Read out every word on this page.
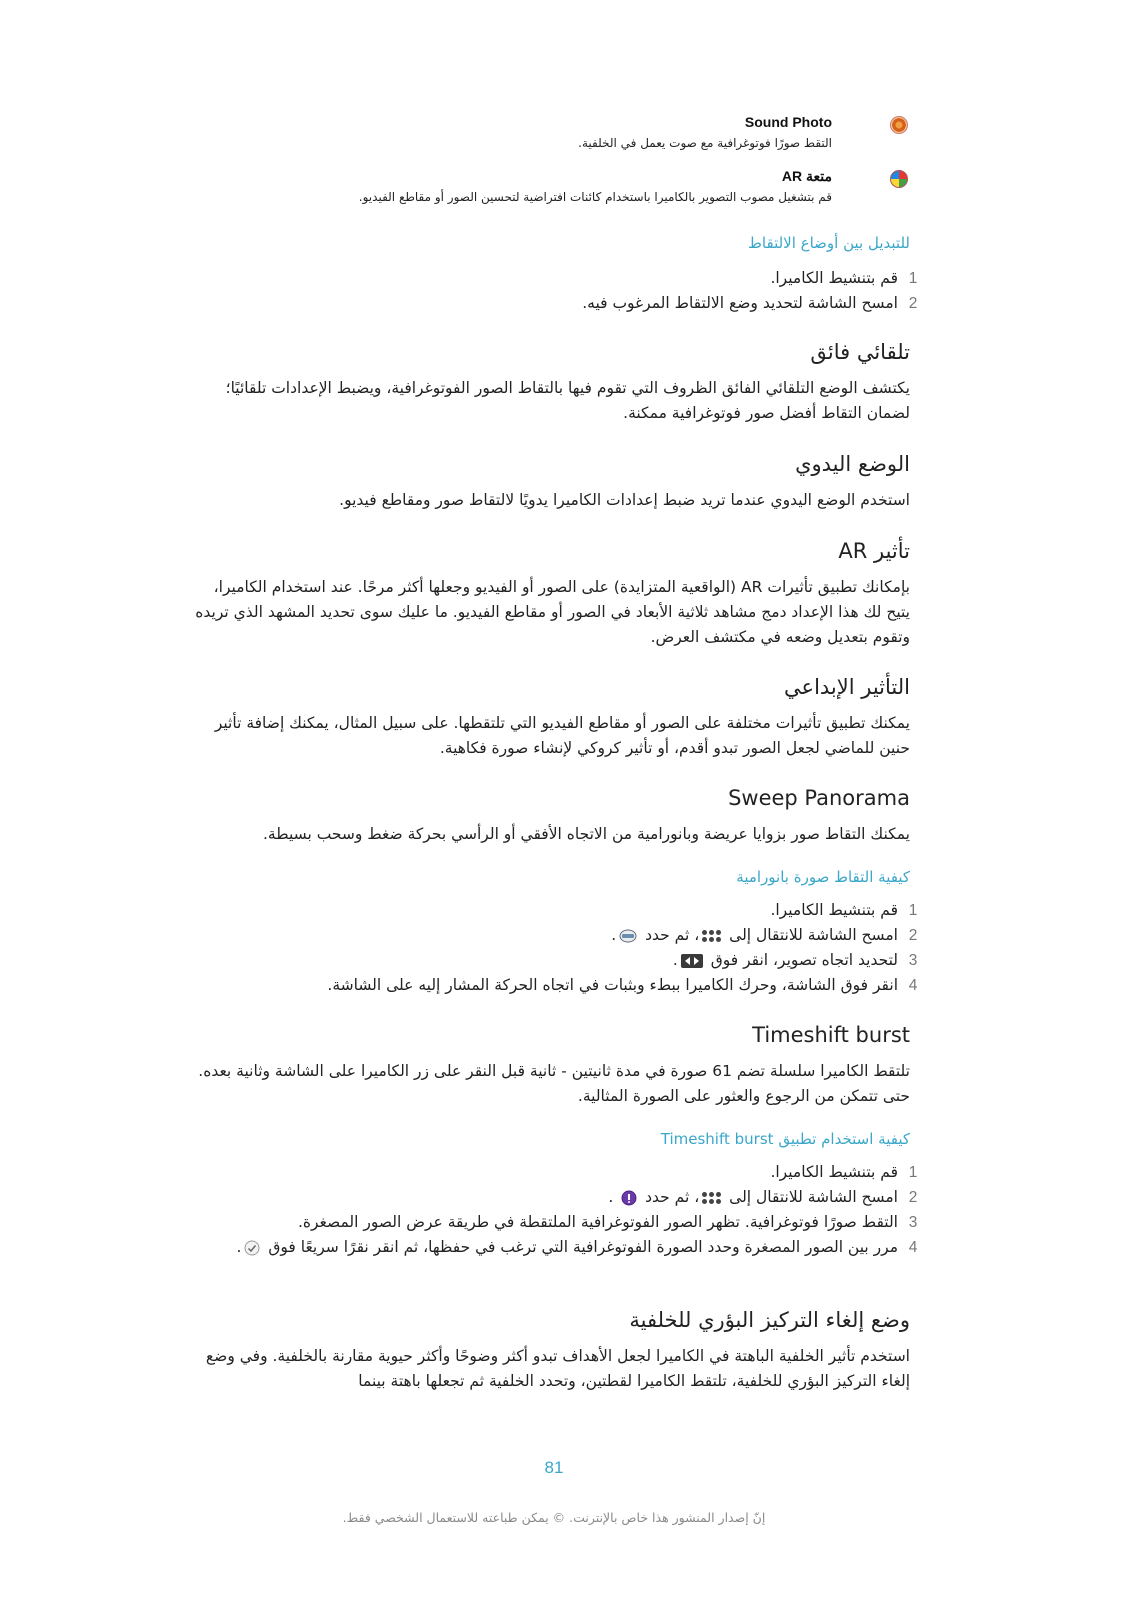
Sound Photo
التقط صورًا فوتوغرافية مع صوت يعمل في الخلفية.
متعة AR
قم بتشغيل مصوب التصوير بالكاميرا باستخدام كائنات افتراضية لتحسين الصور أو مقاطع الفيديو.
للتبديل بين أوضاع الالتقاط
1
قم بتنشيط الكاميرا.
2
امسح الشاشة لتحديد وضع الالتقاط المرغوب فيه.
تلقائي فائق
يكتشف الوضع التلقائي الفائق الظروف التي تقوم فيها بالتقاط الصور الفوتوغرافية، ويضبط الإعدادات تلقائيًا؛ لضمان التقاط أفضل صور فوتوغرافية ممكنة.
الوضع اليدوي
استخدم الوضع اليدوي عندما تريد ضبط إعدادات الكاميرا يدويًا لالتقاط صور ومقاطع فيديو.
تأثير AR
بإمكانك تطبيق تأثيرات AR (الواقعية المتزايدة) على الصور أو الفيديو وجعلها أكثر مرحًا. عند استخدام الكاميرا، يتيح لك هذا الإعداد دمج مشاهد ثلاثية الأبعاد في الصور أو مقاطع الفيديو. ما عليك سوى تحديد المشهد الذي تريده وتقوم بتعديل وضعه في مكتشف العرض.
التأثير الإبداعي
يمكنك تطبيق تأثيرات مختلفة على الصور أو مقاطع الفيديو التي تلتقطها. على سبيل المثال، يمكنك إضافة تأثير حنين للماضي لجعل الصور تبدو أقدم، أو تأثير كروكي لإنشاء صورة فكاهية.
Sweep Panorama
يمكنك التقاط صور بزوايا عريضة وبانورامية من الاتجاه الأفقي أو الرأسي بحركة ضغط وسحب بسيطة.
كيفية التقاط صورة بانورامية
1
قم بتنشيط الكاميرا.
2
امسح الشاشة للانتقال إلى
، ثم حدد .
3
لتحديد اتجاه تصوير، انقر فوق .
4
انقر فوق الشاشة، وحرك الكاميرا ببطء وبثبات في اتجاه الحركة المشار إليه على الشاشة.
Timeshift burst
تلتقط الكاميرا سلسلة تضم 61 صورة في مدة ثانيتين - ثانية قبل النقر على زر الكاميرا على الشاشة وثانية بعده. حتى تتمكن من الرجوع والعثور على الصورة المثالية.
كيفية استخدام تطبيق Timeshift burst
1
قم بتنشيط الكاميرا.
2
امسح الشاشة للانتقال إلى
، ثم حدد  .
3
التقط صورًا فوتوغرافية. تظهر الصور الفوتوغرافية الملتقطة في طريقة عرض الصور المصغرة.
4
مرر بين الصور المصغرة وحدد الصورة الفوتوغرافية التي ترغب في حفظها، ثم انقر نقرًا سريعًا فوق .
وضع إلغاء التركيز البؤري للخلفية
استخدم تأثير الخلفية الباهتة في الكاميرا لجعل الأهداف تبدو أكثر وضوحًا وأكثر حيوية مقارنة بالخلفية. وفي وضع إلغاء التركيز البؤري للخلفية، تلتقط الكاميرا لقطتين، وتحدد الخلفية ثم تجعلها باهتة بينما
81
إنّ إصدار المنشور هذا خاص بالإنترنت. © يمكن طباعته للاستعمال الشخصي فقط.
